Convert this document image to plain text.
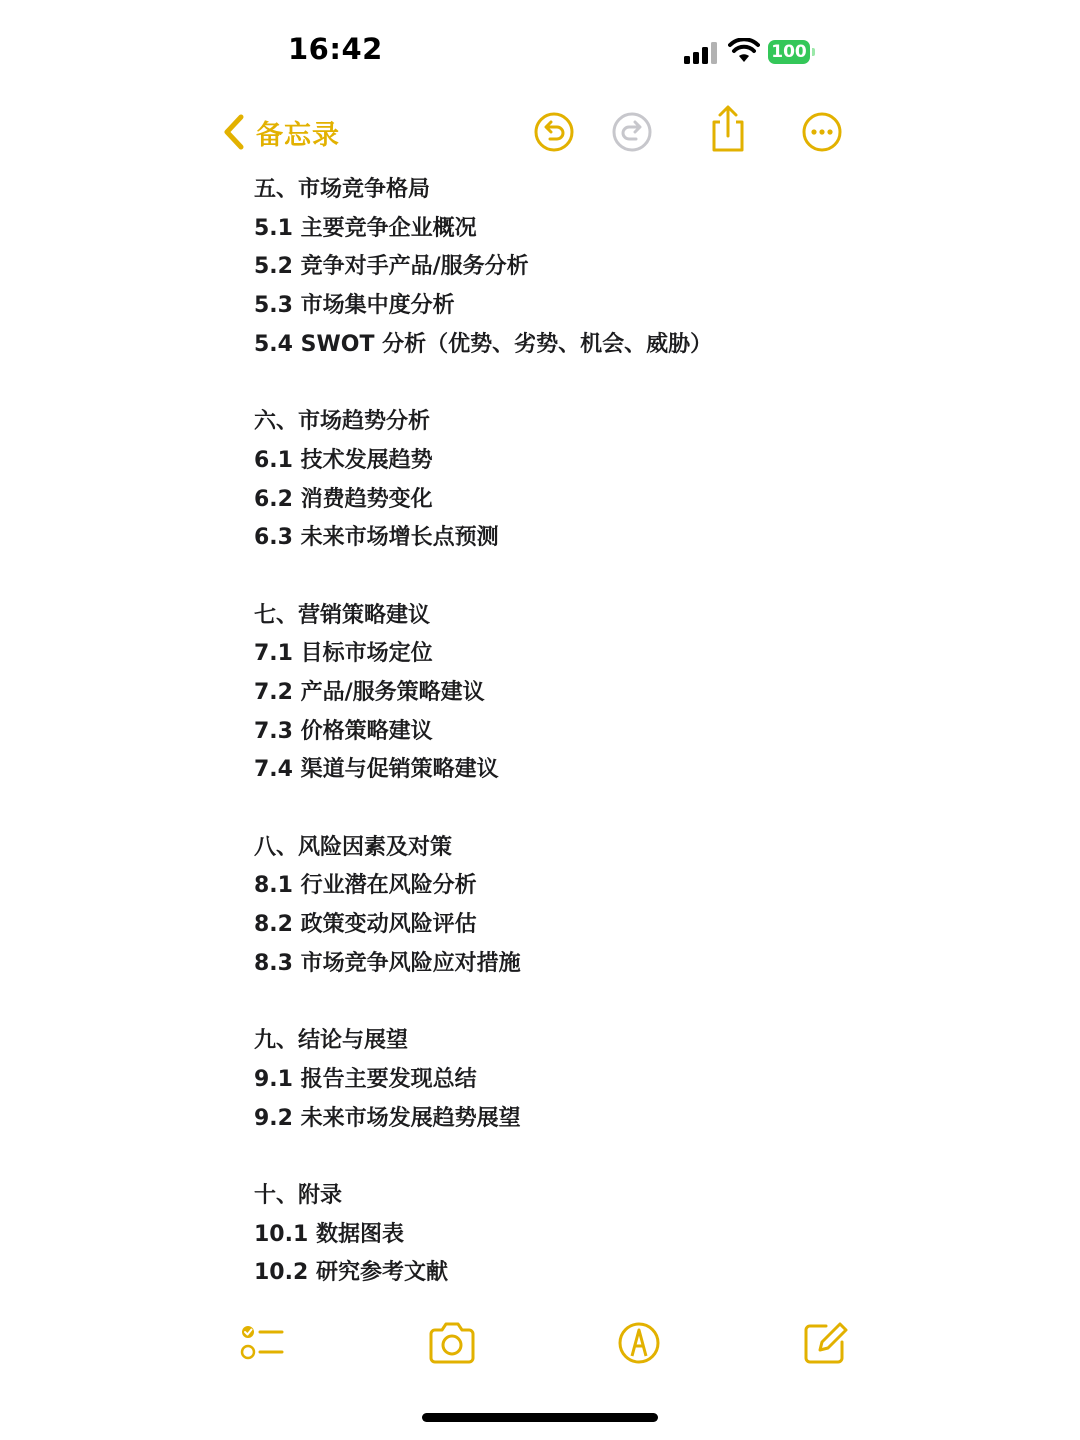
16:42	100
备忘录
五、市场竞争格局
5.1 主要竞争企业概况
5.2 竞争对手产品/服务分析
5.3 市场集中度分析
5.4 SWOT 分析（优势、劣势、机会、威胁）
六、市场趋势分析
6.1 技术发展趋势
6.2 消费趋势变化
6.3 未来市场增长点预测
七、营销策略建议
7.1 目标市场定位
7.2 产品/服务策略建议
7.3 价格策略建议
7.4 渠道与促销策略建议
八、风险因素及对策
8.1 行业潜在风险分析
8.2 政策变动风险评估
8.3 市场竞争风险应对措施
九、结论与展望
9.1 报告主要发现总结
9.2 未来市场发展趋势展望
十、附录
10.1 数据图表
10.2 研究参考文献
